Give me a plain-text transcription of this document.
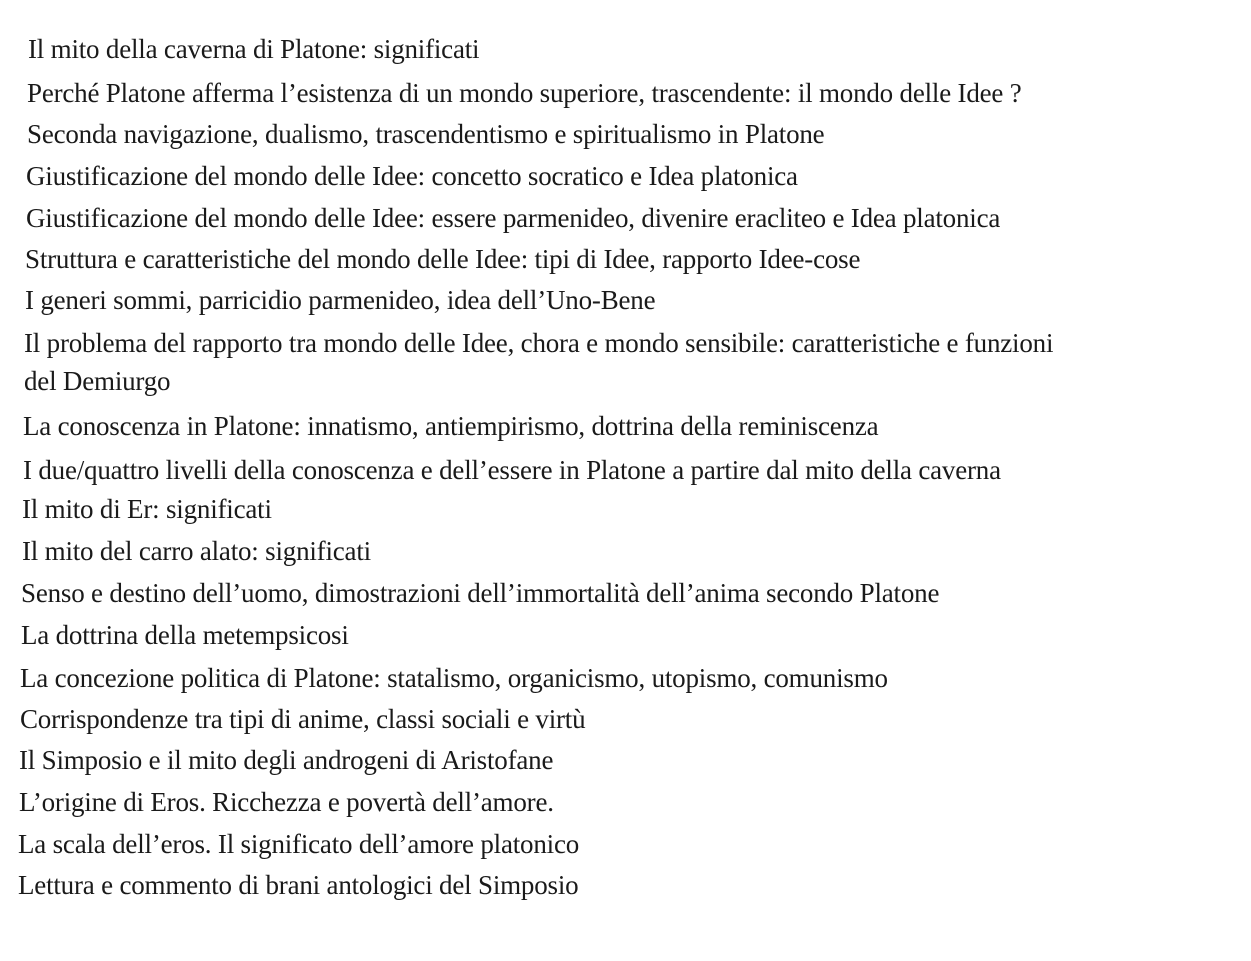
Il mito della caverna di Platone: significati
Perché Platone afferma l’esistenza di un mondo superiore, trascendente: il mondo delle Idee ?
Seconda navigazione, dualismo, trascendentismo e spiritualismo in Platone
Giustificazione del mondo delle Idee: concetto socratico e Idea platonica
Giustificazione del mondo delle Idee: essere parmenideo, divenire eracliteo e Idea platonica
Struttura e caratteristiche del mondo delle Idee: tipi di Idee, rapporto Idee-cose
I generi sommi, parricidio parmenideo, idea dell’Uno-Bene
Il problema del rapporto tra mondo delle Idee, chora e mondo sensibile: caratteristiche e funzioni
del Demiurgo
La conoscenza in Platone: innatismo, antiempirismo, dottrina della reminiscenza
I due/quattro livelli della conoscenza e dell’essere in Platone a partire dal mito della caverna
Il mito di Er: significati
Il mito del carro alato: significati
Senso e destino dell’uomo, dimostrazioni dell’immortalità dell’anima secondo Platone
La dottrina della metempsicosi
La concezione politica di Platone: statalismo, organicismo, utopismo, comunismo
Corrispondenze tra tipi di anime, classi sociali e virtù
Il Simposio e il mito degli androgeni di Aristofane
L’origine di Eros. Ricchezza e povertà dell’amore.
La scala dell’eros. Il significato dell’amore platonico
Lettura e commento di brani antologici del Simposio
